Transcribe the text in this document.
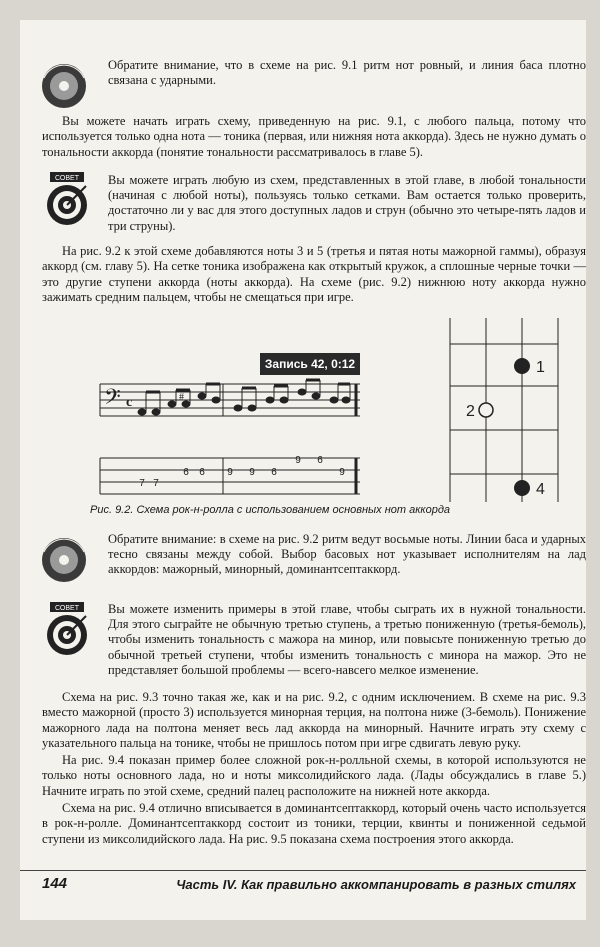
Обратите внимание, что в схеме на рис. 9.1 ритм нот ровный, и линия баса плотно связана с ударными.
Вы можете начать играть схему, приведенную на рис. 9.1, с любого пальца, потому что используется только одна нота — тоника (первая, или нижняя нота аккорда). Здесь не нужно думать о тональности аккорда (понятие тональности рассматривалось в главе 5).
СОВЕТ Вы можете играть любую из схем, представленных в этой главе, в любой тональности (начиная с любой ноты), пользуясь только сетками. Вам остается только проверить, достаточно ли у вас для этого доступных ладов и струн (обычно это четыре-пять ладов и три струны).
На рис. 9.2 к этой схеме добавляются ноты 3 и 5 (третья и пятая ноты мажорной гаммы), образуя аккорд (см. главу 5). На сетке тоника изображена как открытый кружок, а сплошные черные точки — это другие ступени аккорда (ноты аккорда). На схеме (рис. 9.2) нижнюю ноту аккорда нужно зажимать средним пальцем, чтобы не смещаться при игре.
Запись 42, 0:12
𝄢 c	#
7 7
6 6 9 9 6
9 6
9
1
2
4
Рис. 9.2. Схема рок-н-ролла с использованием основных нот аккорда
Обратите внимание: в схеме на рис. 9.2 ритм ведут восьмые ноты. Линии баса и ударных тесно связаны между собой. Выбор басовых нот указывает исполнителям на лад аккордов: мажорный, минорный, доминантсептаккорд.
СОВЕТ Вы можете изменить примеры в этой главе, чтобы сыграть их в нужной тональности. Для этого сыграйте не обычную третью ступень, а третью пониженную (третья-бемоль), чтобы изменить тональность с мажора на минор, или повысьте пониженную третью до обычной третьей ступени, чтобы изменить тональность с минора на мажор. Это не представляет большой проблемы — всего-навсего мелкое изменение.
Схема на рис. 9.3 точно такая же, как и на рис. 9.2, с одним исключением. В схеме на рис. 9.3 вместо мажорной (просто 3) используется минорная терция, на полтона ниже (3-бемоль). Понижение мажорного лада на полтона меняет весь лад аккорда на минорный. Начните играть эту схему с указательного пальца на тонике, чтобы не пришлось потом при игре сдвигать левую руку.
На рис. 9.4 показан пример более сложной рок-н-ролльной схемы, в которой используются не только ноты основного лада, но и ноты миксолидийского лада. (Лады обсуждались в главе 5.) Начните играть по этой схеме, средний палец расположите на нижней ноте аккорда.
Схема на рис. 9.4 отлично вписывается в доминантсептаккорд, который очень часто используется в рок-н-ролле. Доминантсептаккорд состоит из тоники, терции, квинты и пониженной седьмой ступени из миксолидийского лада. На рис. 9.5 показана схема построения этого аккорда.
144	Часть IV. Как правильно аккомпанировать в разных стилях
